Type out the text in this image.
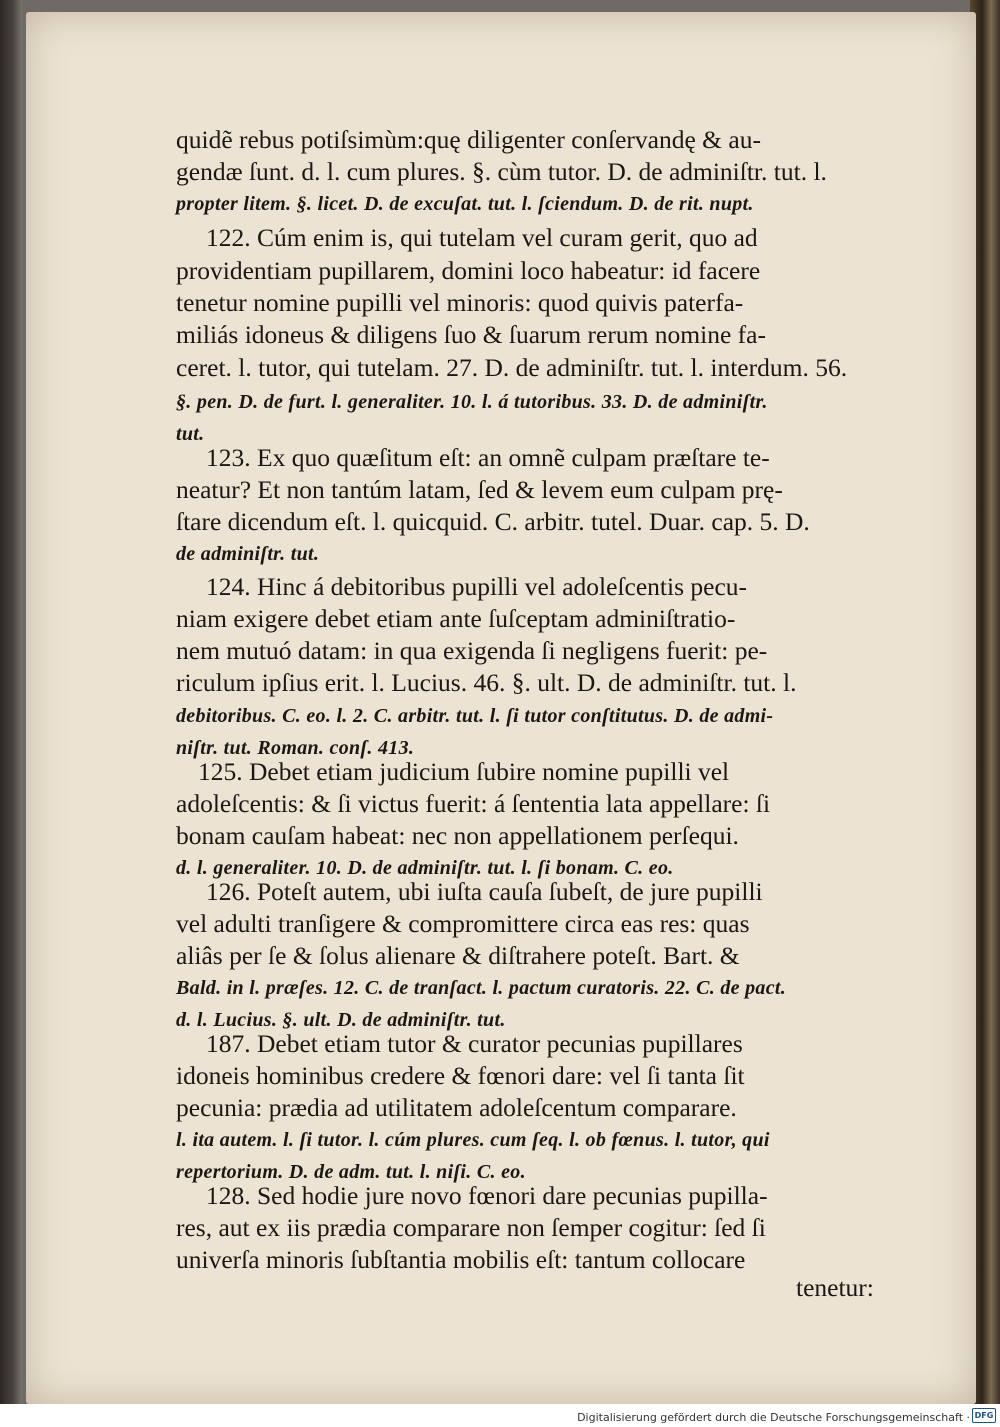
quidẽ rebus potiſsimùm:quę diligenter conſervandę & au-
gendæ ſunt. d. l. cum plures. §. cùm tutor. D. de adminiſtr. tut. l.
propter litem. §. licet. D. de excuſat. tut. l. ſciendum. D. de rit. nupt.
122. Cúm enim is, qui tutelam vel curam gerit, quo ad
providentiam pupillarem, domini loco habeatur: id facere
tenetur nomine pupilli vel minoris: quod quivis paterfa-
miliás idoneus & diligens ſuo & ſuarum rerum nomine fa-
ceret. l. tutor, qui tutelam. 27. D. de adminiſtr. tut. l. interdum. 56.
§. pen. D. de furt. l. generaliter. 10. l. á tutoribus. 33. D. de adminiſtr.
tut.
123. Ex quo quæſitum eſt: an omnẽ culpam præſtare te-
neatur? Et non tantúm latam, ſed & levem eum culpam prę-
ſtare dicendum eſt. l. quicquid. C. arbitr. tutel. Duar. cap. 5. D.
de adminiſtr. tut.
124. Hinc á debitoribus pupilli vel adoleſcentis pecu-
niam exigere debet etiam ante ſuſceptam adminiſtratio-
nem mutuó datam: in qua exigenda ſi negligens fuerit: pe-
riculum ipſius erit. l. Lucius. 46. §. ult. D. de adminiſtr. tut. l.
debitoribus. C. eo. l. 2. C. arbitr. tut. l. ſi tutor conſtitutus. D. de admi-
niſtr. tut. Roman. conſ. 413.
125. Debet etiam judicium ſubire nomine pupilli vel
adoleſcentis: & ſi victus fuerit: á ſententia lata appellare: ſi
bonam cauſam habeat: nec non appellationem perſequi.
d. l. generaliter. 10. D. de adminiſtr. tut. l. ſi bonam. C. eo.
126. Poteſt autem, ubi iuſta cauſa ſubeſt, de jure pupilli
vel adulti tranſigere & compromittere circa eas res: quas
aliâs per ſe & ſolus alienare & diſtrahere poteſt. Bart. &
Bald. in l. præſes. 12. C. de tranſact. l. pactum curatoris. 22. C. de pact.
d. l. Lucius. §. ult. D. de adminiſtr. tut.
187. Debet etiam tutor & curator pecunias pupillares
idoneis hominibus credere & fœnori dare: vel ſi tanta ſit
pecunia: prædia ad utilitatem adoleſcentum comparare.
l. ita autem. l. ſi tutor. l. cúm plures. cum ſeq. l. ob fœnus. l. tutor, qui
repertorium. D. de adm. tut. l. niſi. C. eo.
128. Sed hodie jure novo fœnori dare pecunias pupilla-
res, aut ex iis prædia comparare non ſemper cogitur: ſed ſi
univerſa minoris ſubſtantia mobilis eſt: tantum collocare
tenetur:
Digitalisierung gefördert durch die Deutsche Forschungsgemeinschaft · DFG
